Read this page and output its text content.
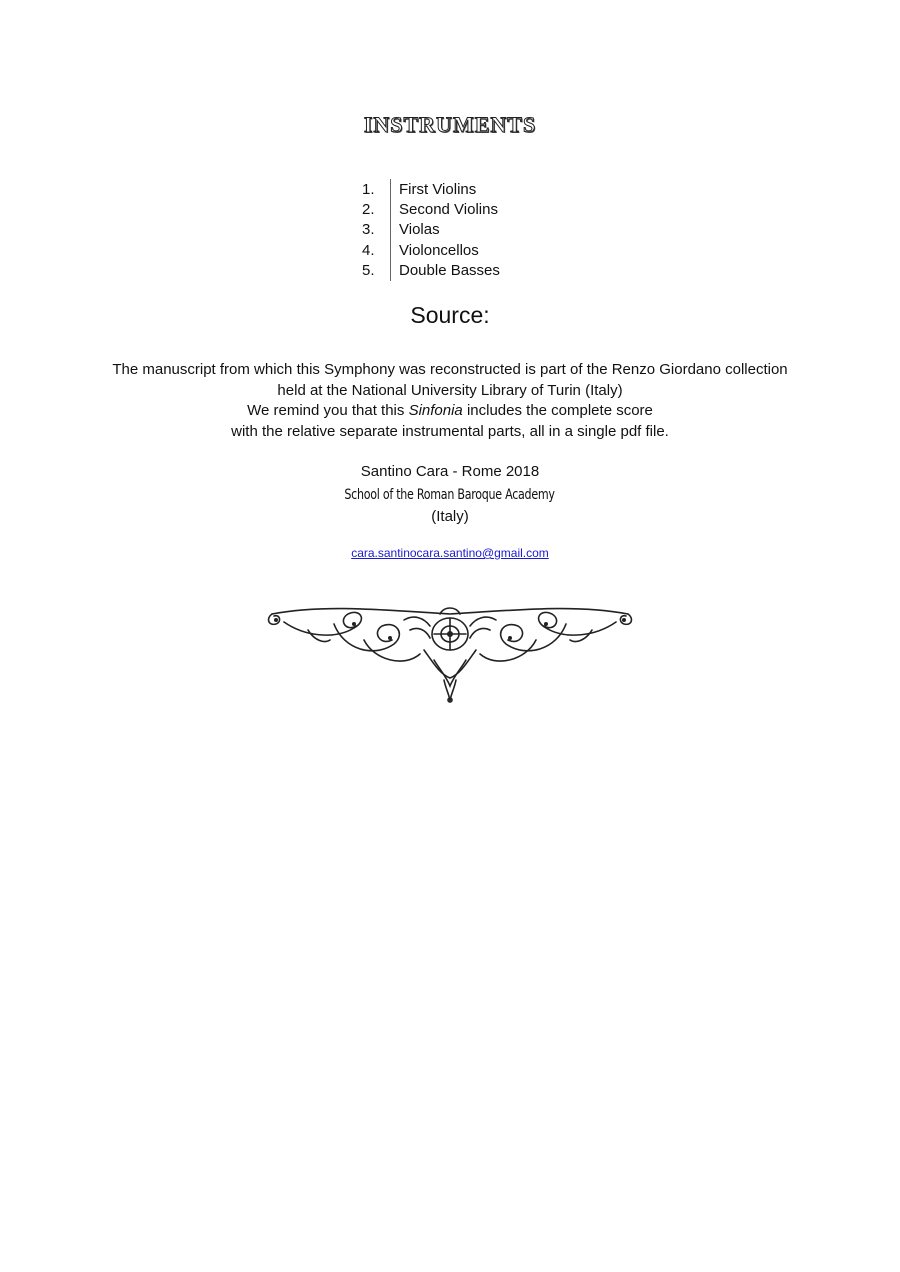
INSTRUMENTS
1.	First Violins
2.	Second Violins
3.	Violas
4.	Violoncellos
5.	Double Basses
Source:
The manuscript from which this Symphony was reconstructed is part of the Renzo Giordano collection
held at the National University Library of Turin (Italy)
We remind you that this Sinfonia includes the complete score
with the relative separate instrumental parts, all in a single pdf file.
Santino Cara - Rome 2018
School of the Roman Baroque Academy
(Italy)
cara.santinocara.santino@gmail.com
